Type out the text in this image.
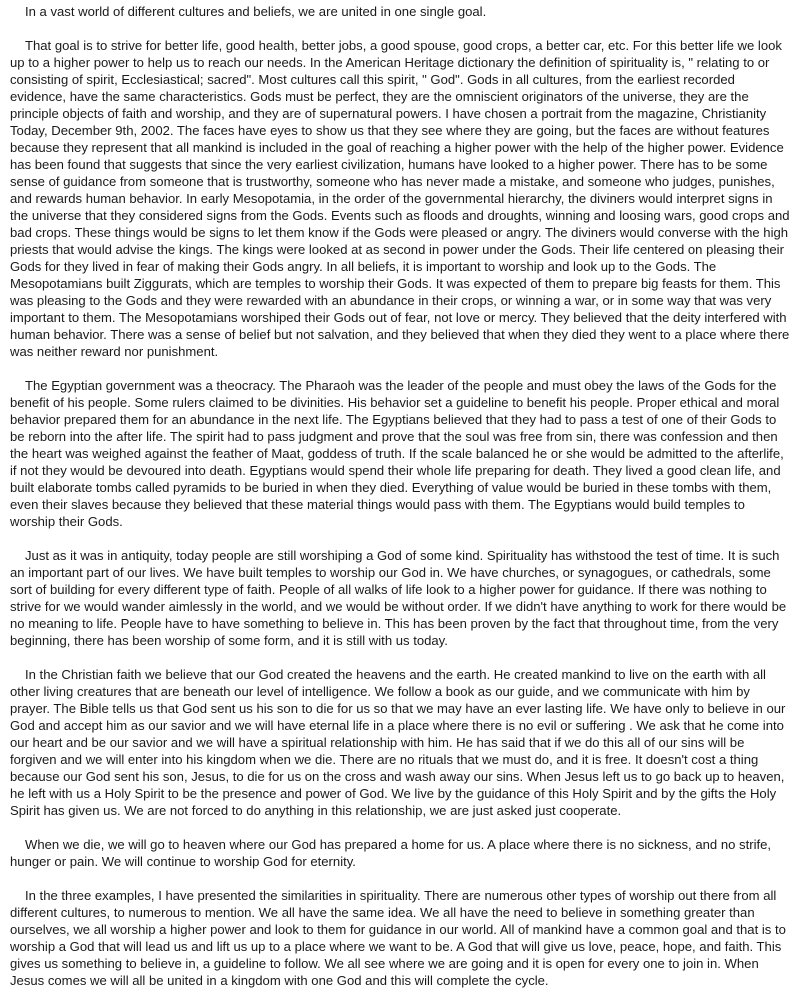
In a vast world of different cultures and beliefs, we are united in one single goal.

That goal is to strive for better life, good health, better jobs, a good spouse, good crops, a better car, etc. For this better life we look up to a higher power to help us to reach our needs. In the American Heritage dictionary the definition of spirituality is, " relating to or consisting of spirit, Ecclesiastical; sacred". Most cultures call this spirit, " God". Gods in all cultures, from the earliest recorded evidence, have the same characteristics. Gods must be perfect, they are the omniscient originators of the universe, they are the principle objects of faith and worship, and they are of supernatural powers. I have chosen a portrait from the magazine, Christianity Today, December 9th, 2002. The faces have eyes to show us that they see where they are going, but the faces are without features because they represent that all mankind is included in the goal of reaching a higher power with the help of the higher power. Evidence has been found that suggests that since the very earliest civilization, humans have looked to a higher power. There has to be some sense of guidance from someone that is trustworthy, someone who has never made a mistake, and someone who judges, punishes, and rewards human behavior. In early Mesopotamia, in the order of the governmental hierarchy, the diviners would interpret signs in the universe that they considered signs from the Gods. Events such as floods and droughts, winning and loosing wars, good crops and bad crops. These things would be signs to let them know if the Gods were pleased or angry. The diviners would converse with the high priests that would advise the kings. The kings were looked at as second in power under the Gods. Their life centered on pleasing their Gods for they lived in fear of making their Gods angry. In all beliefs, it is important to worship and look up to the Gods. The Mesopotamians built Ziggurats, which are temples to worship their Gods. It was expected of them to prepare big feasts for them. This was pleasing to the Gods and they were rewarded with an abundance in their crops, or winning a war, or in some way that was very important to them. The Mesopotamians worshiped their Gods out of fear, not love or mercy. They believed that the deity interfered with human behavior. There was a sense of belief but not salvation, and they believed that when they died they went to a place where there was neither reward nor punishment.

The Egyptian government was a theocracy. The Pharaoh was the leader of the people and must obey the laws of the Gods for the benefit of his people. Some rulers claimed to be divinities. His behavior set a guideline to benefit his people. Proper ethical and moral behavior prepared them for an abundance in the next life. The Egyptians believed that they had to pass a test of one of their Gods to be reborn into the after life. The spirit had to pass judgment and prove that the soul was free from sin, there was confession and then the heart was weighed against the feather of Maat, goddess of truth. If the scale balanced he or she would be admitted to the afterlife, if not they would be devoured into death. Egyptians would spend their whole life preparing for death. They lived a good clean life, and built elaborate tombs called pyramids to be buried in when they died. Everything of value would be buried in these tombs with them, even their slaves because they believed that these material things would pass with them. The Egyptians would build temples to worship their Gods.

Just as it was in antiquity, today people are still worshiping a God of some kind. Spirituality has withstood the test of time. It is such an important part of our lives. We have built temples to worship our God in. We have churches, or synagogues, or cathedrals, some sort of building for every different type of faith. People of all walks of life look to a higher power for guidance. If there was nothing to strive for we would wander aimlessly in the world, and we would be without order. If we didn't have anything to work for there would be no meaning to life. People have to have something to believe in. This has been proven by the fact that throughout time, from the very beginning, there has been worship of some form, and it is still with us today.

In the Christian faith we believe that our God created the heavens and the earth. He created mankind to live on the earth with all other living creatures that are beneath our level of intelligence. We follow a book as our guide, and we communicate with him by prayer. The Bible tells us that God sent us his son to die for us so that we may have an ever lasting life. We have only to believe in our God and accept him as our savior and we will have eternal life in a place where there is no evil or suffering . We ask that he come into our heart and be our savior and we will have a spiritual relationship with him. He has said that if we do this all of our sins will be forgiven and we will enter into his kingdom when we die. There are no rituals that we must do, and it is free. It doesn't cost a thing because our God sent his son, Jesus, to die for us on the cross and wash away our sins. When Jesus left us to go back up to heaven, he left with us a Holy Spirit to be the presence and power of God. We live by the guidance of this Holy Spirit and by the gifts the Holy Spirit has given us. We are not forced to do anything in this relationship, we are just asked just cooperate.

When we die, we will go to heaven where our God has prepared a home for us. A place where there is no sickness, and no strife, hunger or pain. We will continue to worship God for eternity.

In the three examples, I have presented the similarities in spirituality. There are numerous other types of worship out there from all different cultures, to numerous to mention. We all have the same idea. We all have the need to believe in something greater than ourselves, we all worship a higher power and look to them for guidance in our world. All of mankind have a common goal and that is to worship a God that will lead us and lift us up to a place where we want to be. A God that will give us love, peace, hope, and faith. This gives us something to believe in, a guideline to follow. We all see where we are going and it is open for every one to join in. When Jesus comes we will all be united in a kingdom with one God and this will complete the cycle.
